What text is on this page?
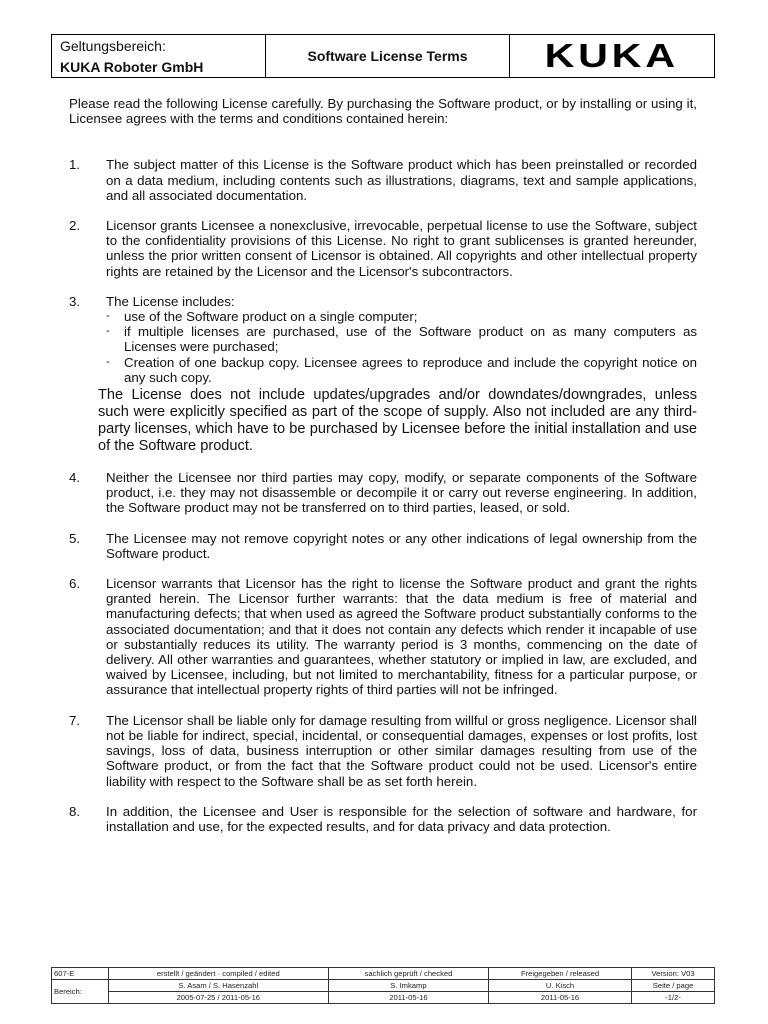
Geltungsbereich:
KUKA Roboter GmbH
Software License Terms	KUKA

Please read the following License carefully. By purchasing the Software product, or by installing or using it, Licensee agrees with the terms and conditions contained herein:

1.	The subject matter of this License is the Software product which has been preinstalled or recorded on a data medium, including contents such as illustrations, diagrams, text and sample applications, and all associated documentation.
2.	Licensor grants Licensee a nonexclusive, irrevocable, perpetual license to use the Software, subject to the confidentiality provisions of this License. No right to grant sublicenses is granted hereunder, unless the prior written consent of Licensor is obtained. All copyrights and other intellectual property rights are retained by the Licensor and the Licensor's subcontractors.
3.	The License includes:
-	use of the Software product on a single computer;
-	if multiple licenses are purchased, use of the Software product on as many computers as Licenses were purchased;
-	Creation of one backup copy. Licensee agrees to reproduce and include the copyright notice on any such copy.
The License does not include updates/upgrades and/or downdates/downgrades, unless such were explicitly specified as part of the scope of supply. Also not included are any third-party licenses, which have to be purchased by Licensee before the initial installation and use of the Software product.
4.	Neither the Licensee nor third parties may copy, modify, or separate components of the Software product, i.e. they may not disassemble or decompile it or carry out reverse engineering. In addition, the Software product may not be transferred on to third parties, leased, or sold.
5.	The Licensee may not remove copyright notes or any other indications of legal ownership from the Software product.
6.	Licensor warrants that Licensor has the right to license the Software product and grant the rights granted herein. The Licensor further warrants: that the data medium is free of material and manufacturing defects; that when used as agreed the Software product substantially conforms to the associated documentation; and that it does not contain any defects which render it incapable of use or substantially reduces its utility. The warranty period is 3 months, commencing on the date of delivery. All other warranties and guarantees, whether statutory or implied in law, are excluded, and waived by Licensee, including, but not limited to merchantability, fitness for a particular purpose, or assurance that intellectual property rights of third parties will not be infringed.
7.	The Licensor shall be liable only for damage resulting from willful or gross negligence. Licensor shall not be liable for indirect, special, incidental, or consequential damages, expenses or lost profits, lost savings, loss of data, business interruption or other similar damages resulting from use of the Software product, or from the fact that the Software product could not be used. Licensor's entire liability with respect to the Software shall be as set forth herein.
8.	In addition, the Licensee and User is responsible for the selection of software and hardware, for installation and use, for the expected results, and for data privacy and data protection.
607-E	erstellt / geändert · compiled / edited	sachlich geprüft / checked	Freigegeben / released	Version: V03
Bereich:	S. Asam / S. Hasenzahl	S. Imkamp	U. Kisch	Seite / page
	2005-07-25 / 2011-05-16	2011-05-16	2011-05-16	-1/2-
